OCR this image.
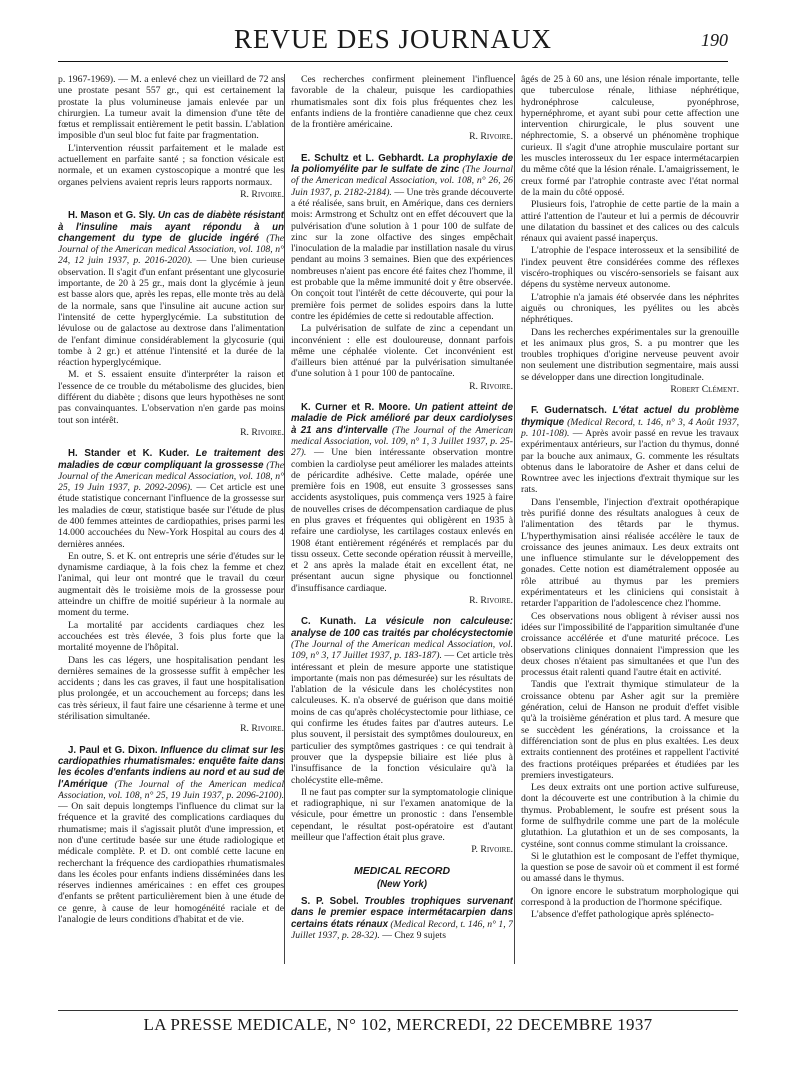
REVUE DES JOURNAUX	190

p. 1967-1969). — M. a enlevé chez un vieillard de 72 ans une prostate pesant 557 gr., qui est certainement la prostate la plus volumineuse jamais enlevée par un chirurgien. La tumeur avait la dimension d'une tête de fœtus et remplissait entièrement le petit bassin. L'ablation imposible d'un seul bloc fut faite par fragmentation.

L'intervention réussit parfaitement et le malade est actuellement en parfaite santé ; sa fonction vésicale est normale, et un examen cystoscopique a montré que les organes pelviens avaient repris leurs rapports normaux.

R. Rivoire.

H. Mason et G. Sly. Un cas de diabète résistant à l'insuline mais ayant répondu à un changement du type de glucide ingéré (The Journal of the American medical Association, vol. 108, n° 24, 12 juin 1937, p. 2016-2020). — Une bien curieuse observation. Il s'agit d'un enfant présentant une glycosurie importante, de 20 à 25 gr., mais dont la glycémie à jeun est basse alors que, après les repas, elle monte très au delà de la normale, sans que l'insuline ait aucune action sur l'intensité de cette hyperglycémie. La substitution de lévulose ou de galactose au dextrose dans l'alimentation de l'enfant diminue considérablement la glycosurie (qui tombe à 2 gr.) et atténue l'intensité et la durée de la réaction hyperglycémique.

M. et S. essaient ensuite d'interpréter la raison et l'essence de ce trouble du métabolisme des glucides, bien différent du diabète ; disons que leurs hypothèses ne sont pas convainquantes. L'observation n'en garde pas moins tout son intérêt.

R. Rivoire.

H. Stander et K. Kuder. Le traitement des maladies de cœur compliquant la grossesse (The Journal of the American medical Association, vol. 108, n° 25, 19 Juin 1937, p. 2092-2096). — Cet article est une étude statistique concernant l'influence de la grossesse sur les maladies de cœur, statistique basée sur l'étude de plus de 400 femmes atteintes de cardiopathies, prises parmi les 14.000 accouchées du New-York Hospital au cours des 4 dernières années.

En outre, S. et K. ont entrepris une série d'études sur le dynamisme cardiaque, à la fois chez la femme et chez l'animal, qui leur ont montré que le travail du cœur augmentait dès le troisième mois de la grossesse pour atteindre un chiffre de moitié supérieur à la normale au moment du terme.

La mortalité par accidents cardiaques chez les accouchées est très élevée, 3 fois plus forte que la mortalité moyenne de l'hôpital.

Dans les cas légers, une hospitalisation pendant les dernières semaines de la grossesse suffit à empêcher les accidents ; dans les cas graves, il faut une hospitalisation plus prolongée, et un accouchement au forceps; dans les cas très sérieux, il faut faire une césarienne à terme et une stérilisation simultanée.

R. Rivoire.

J. Paul et G. Dixon. Influence du climat sur les cardiopathies rhumatismales: enquête faite dans les écoles d'enfants indiens au nord et au sud de l'Amérique (The Journal of the American medical Association, vol. 108, n° 25, 19 Juin 1937, p. 2096-2100). — On sait depuis longtemps l'influence du climat sur la fréquence et la gravité des complications cardiaques du rhumatisme; mais il s'agissait plutôt d'une impression, et non d'une certitude basée sur une étude radiologique et médicale complète. P. et D. ont comblé cette lacune en recherchant la fréquence des cardiopathies rhumatismales dans les écoles pour enfants indiens disséminées dans les réserves indiennes américaines : en effet ces groupes d'enfants se prêtent particulièrement bien à une étude de ce genre, à cause de leur homogénéité raciale et de l'analogie de leurs conditions d'habitat et de vie.

Ces recherches confirment pleinement l'influence favorable de la chaleur, puisque les cardiopathies rhumatismales sont dix fois plus fréquentes chez les enfants indiens de la frontière canadienne que chez ceux de la frontière américaine.

R. Rivoire.

E. Schultz et L. Gebhardt. La prophylaxie de la poliomyélite par le sulfate de zinc (The Journal of the American medical Association, vol. 108, n° 26, 26 Juin 1937, p. 2182-2184). — Une très grande découverte a été réalisée, sans bruit, en Amérique, dans ces derniers mois: Armstrong et Schultz ont en effet découvert que la pulvérisation d'une solution à 1 pour 100 de sulfate de zinc sur la zone olfactive des singes empêchait l'inoculation de la maladie par instillation nasale du virus pendant au moins 3 semaines. Bien que des expériences nombreuses n'aient pas encore été faites chez l'homme, il est probable que la même immunité doit y être observée. On conçoit tout l'intérêt de cette découverte, qui pour la première fois permet de solides espoirs dans la lutte contre les épidémies de cette si redoutable affection.

La pulvérisation de sulfate de zinc a cependant un inconvénient : elle est douloureuse, donnant parfois même une céphalée violente. Cet inconvénient est d'ailleurs bien atténué par la pulvérisation simultanée d'une solution à 1 pour 100 de pantocaïne.

R. Rivoire.

K. Curner et R. Moore. Un patient atteint de maladie de Pick amélioré par deux cardiolyses à 21 ans d'intervalle (The Journal of the American medical Association, vol. 109, n° 1, 3 Juillet 1937, p. 25-27). — Une bien intéressante observation montre combien la cardiolyse peut améliorer les malades atteints de péricardite adhésive. Cette malade, opérée une première fois en 1908, eut ensuite 3 grossesses sans accidents asystoliques, puis commença vers 1925 à faire de nouvelles crises de décompensation cardiaque de plus en plus graves et fréquentes qui obligèrent en 1935 à refaire une cardiolyse, les cartilages costaux enlevés en 1908 étant entièrement régénérés et remplacés par du tissu osseux. Cette seconde opération réussit à merveille, et 2 ans après la malade était en excellent état, ne présentant aucun signe physique ou fonctionnel d'insuffisance cardiaque.

R. Rivoire.

C. Kunath. La vésicule non calculeuse: analyse de 100 cas traités par cholécystectomie (The Journal of the American medical Association, vol. 109, n° 3, 17 Juillet 1937, p. 183-187). — Cet article très intéressant et plein de mesure apporte une statistique importante (mais non pas démesurée) sur les résultats de l'ablation de la vésicule dans les cholécystites non calculeuses. K. n'a observé de guérison que dans moitié moins de cas qu'après cholécystectomie pour lithiase, ce qui confirme les études faites par d'autres auteurs. Le plus souvent, il persistait des symptômes douloureux, en particulier des symptômes gastriques : ce qui tendrait à prouver que la dyspepsie biliaire est liée plus à l'insuffisance de la fonction vésiculaire qu'à la cholécystite elle-même.

Il ne faut pas compter sur la symptomatologie clinique et radiographique, ni sur l'examen anatomique de la vésicule, pour émettre un pronostic : dans l'ensemble cependant, le résultat post-opératoire est d'autant meilleur que l'affection était plus grave.

P. Rivoire.

MEDICAL RECORD

(New York)

S. P. Sobel. Troubles trophiques survenant dans le premier espace intermétacarpien dans certains états rénaux (Medical Record, t. 146, n° 1, 7 Juillet 1937, p. 28-32). — Chez 9 sujets

âgés de 25 à 60 ans, une lésion rénale importante, telle que tuberculose rénale, lithiase néphrétique, hydronéphrose calculeuse, pyonéphrose, hypernéphrome, et ayant subi pour cette affection une intervention chirurgicale, le plus souvent une néphrectomie, S. a observé un phénomène trophique curieux. Il s'agit d'une atrophie musculaire portant sur les muscles interosseux du 1er espace intermétacarpien du même côté que la lésion rénale. L'amaigrissement, le creux formé par l'atrophie contraste avec l'état normal de la main du côté opposé.

Plusieurs fois, l'atrophie de cette partie de la main a attiré l'attention de l'auteur et lui a permis de découvrir une dilatation du bassinet et des calices ou des calculs rénaux qui avaient passé inaperçus.

L'atrophie de l'espace interosseux et la sensibilité de l'index peuvent être considérées comme des réflexes viscéro-trophiques ou viscéro-sensoriels se faisant aux dépens du système nerveux autonome.

L'atrophie n'a jamais été observée dans les néphrites aiguës ou chroniques, les pyélites ou les abcès néphrétiques.

Dans les recherches expérimentales sur la grenouille et les animaux plus gros, S. a pu montrer que les troubles trophiques d'origine nerveuse peuvent avoir non seulement une distribution segmentaire, mais aussi se développer dans une direction longitudinale.

Robert Clément.

F. Gudernatsch. L'état actuel du problème thymique (Medical Record, t. 146, n° 3, 4 Août 1937, p. 101-108). — Après avoir passé en revue les travaux expérimentaux antérieurs, sur l'action du thymus, donné par la bouche aux animaux, G. commente les résultats obtenus dans le laboratoire de Asher et dans celui de Rowntree avec les injections d'extrait thymique sur les rats.

Dans l'ensemble, l'injection d'extrait opothérapique très purifié donne des résultats analogues à ceux de l'alimentation des têtards par le thymus. L'hyperthymisation ainsi réalisée accélère le taux de croissance des jeunes animaux. Les deux extraits ont une influence stimulante sur le développement des gonades. Cette notion est diamétralement opposée au rôle attribué au thymus par les premiers expérimentateurs et les cliniciens qui consistait à retarder l'apparition de l'adolescence chez l'homme.

Ces observations nous obligent à réviser aussi nos idées sur l'impossibilité de l'apparition simultanée d'une croissance accélérée et d'une maturité précoce. Les observations cliniques donnaient l'impression que les deux choses n'étaient pas simultanées et que l'un des processus était ralenti quand l'autre était en activité.

Tandis que l'extrait thymique stimulateur de la croissance obtenu par Asher agit sur la première génération, celui de Hanson ne produit d'effet visible qu'à la troisième génération et plus tard. A mesure que se succèdent les générations, la croissance et la différenciation sont de plus en plus exaltées. Les deux extraits contiennent des protéines et rappellent l'activité des fractions protéiques préparées et étudiées par les premiers investigateurs.

Les deux extraits ont une portion active sulfureuse, dont la découverte est une contribution à la chimie du thymus. Probablement, le soufre est présent sous la forme de sulfhydrile comme une part de la molécule glutathion. La glutathion et un de ses composants, la cystéine, sont connus comme stimulant la croissance.

Si le glutathion est le composant de l'effet thymique, la question se pose de savoir où et comment il est formé ou amassé dans le thymus.

On ignore encore le substratum morphologique qui correspond à la production de l'hormone spécifique.

L'absence d'effet pathologique après splénecto-

LA PRESSE MEDICALE, N° 102, MERCREDI, 22 DECEMBRE 1937
